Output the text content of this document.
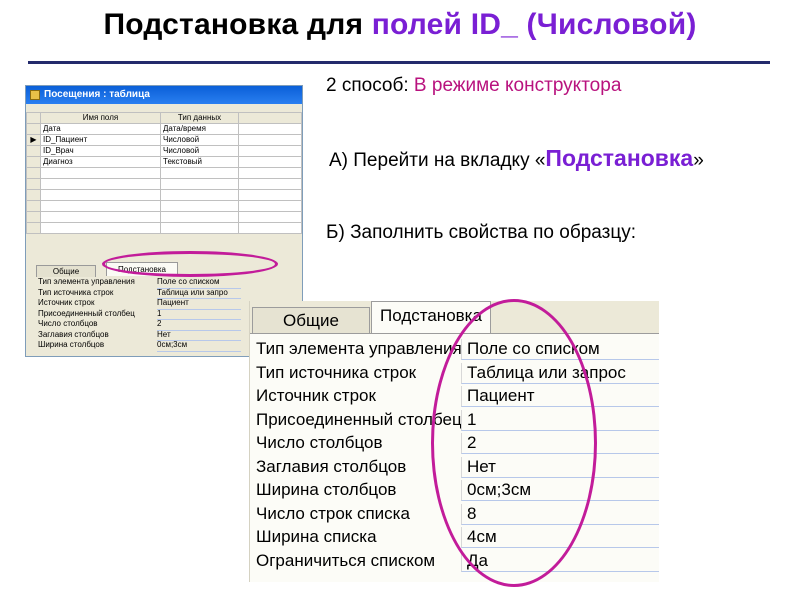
Подстановка для полей ID_ (Числовой)
Посещения : таблица
	Имя поля	Тип данных	
	Дата	Дата/время	
▶	ID_Пациент	Числовой	
	ID_Врач	Числовой	
	Диагноз	Текстовый	

Общие	Подстановка
Тип элемента управления	Поле со списком
Тип источника строк	Таблица или запро
Источник строк	Пациент
Присоединенный столбец	1
Число столбцов	2
Заглавия столбцов	Нет
Ширина столбцов	0см;3см
2 способ: В режиме конструктора
А) Перейти на вкладку «Подстановка»
Б) Заполнить свойства по образцу:
Общие	Подстановка
Тип элемента управления Поле со списком
Тип источника строк	Таблица или запрос
Источник строк	Пациент
Присоединенный столбец 1
Число столбцов	2
Заглавия столбцов	Нет
Ширина столбцов	0см;3см
Число строк списка	8
Ширина списка	4см
Ограничиться списком	Да
